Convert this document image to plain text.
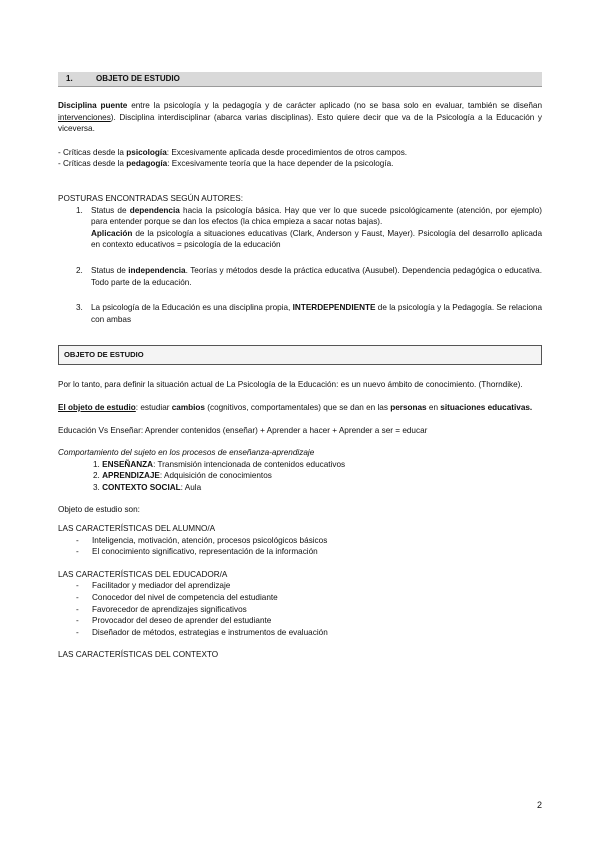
1.	OBJETO DE ESTUDIO

Disciplina puente entre la psicología y la pedagogía y de carácter aplicado (no se basa solo en evaluar, también se diseñan intervenciones). Disciplina interdisciplinar (abarca varias disciplinas). Esto quiere decir que va de la Psicología a la Educación y viceversa.

- Críticas desde la psicología: Excesivamente aplicada desde procedimientos de otros campos.

- Críticas desde la pedagogía: Excesivamente teoría que la hace depender de la psicología.

POSTURAS ENCONTRADAS SEGÚN AUTORES:

1. Status de dependencia hacia la psicología básica. Hay que ver lo que sucede psicológicamente (atención, por ejemplo) para entender porque se dan los efectos (la chica empieza a sacar notas bajas).
Aplicación de la psicología a situaciones educativas (Clark, Anderson y Faust, Mayer). Psicología del desarrollo aplicada en contexto educativos = psicología de la educación
2. Status de independencia. Teorías y métodos desde la práctica educativa (Ausubel). Dependencia pedagógica o educativa. Todo parte de la educación.
3. La psicología de la Educación es una disciplina propia, INTERDEPENDIENTE de la psicología y la Pedagogía. Se relaciona con ambas
OBJETO DE ESTUDIO

Por lo tanto, para definir la situación actual de La Psicología de la Educación: es un nuevo ámbito de conocimiento. (Thorndike).

El objeto de estudio: estudiar cambios (cognitivos, comportamentales) que se dan en las personas en situaciones educativas.

Educación Vs Enseñar: Aprender contenidos (enseñar) + Aprender a hacer + Aprender a ser = educar

Comportamiento del sujeto en los procesos de enseñanza-aprendizaje

1. ENSEÑANZA: Transmisión intencionada de contenidos educativos

2. APRENDIZAJE: Adquisición de conocimientos

3. CONTEXTO SOCIAL: Aula

Objeto de estudio son:

LAS CARACTERÍSTICAS DEL ALUMNO/A

- Inteligencia, motivación, atención, procesos psicológicos básicos
- El conocimiento significativo, representación de la información

LAS CARACTERÍSTICAS DEL EDUCADOR/A

- Facilitador y mediador del aprendizaje
- Conocedor del nivel de competencia del estudiante
- Favorecedor de aprendizajes significativos
- Provocador del deseo de aprender del estudiante
- Diseñador de métodos, estrategias e instrumentos de evaluación

LAS CARACTERÍSTICAS DEL CONTEXTO

2
